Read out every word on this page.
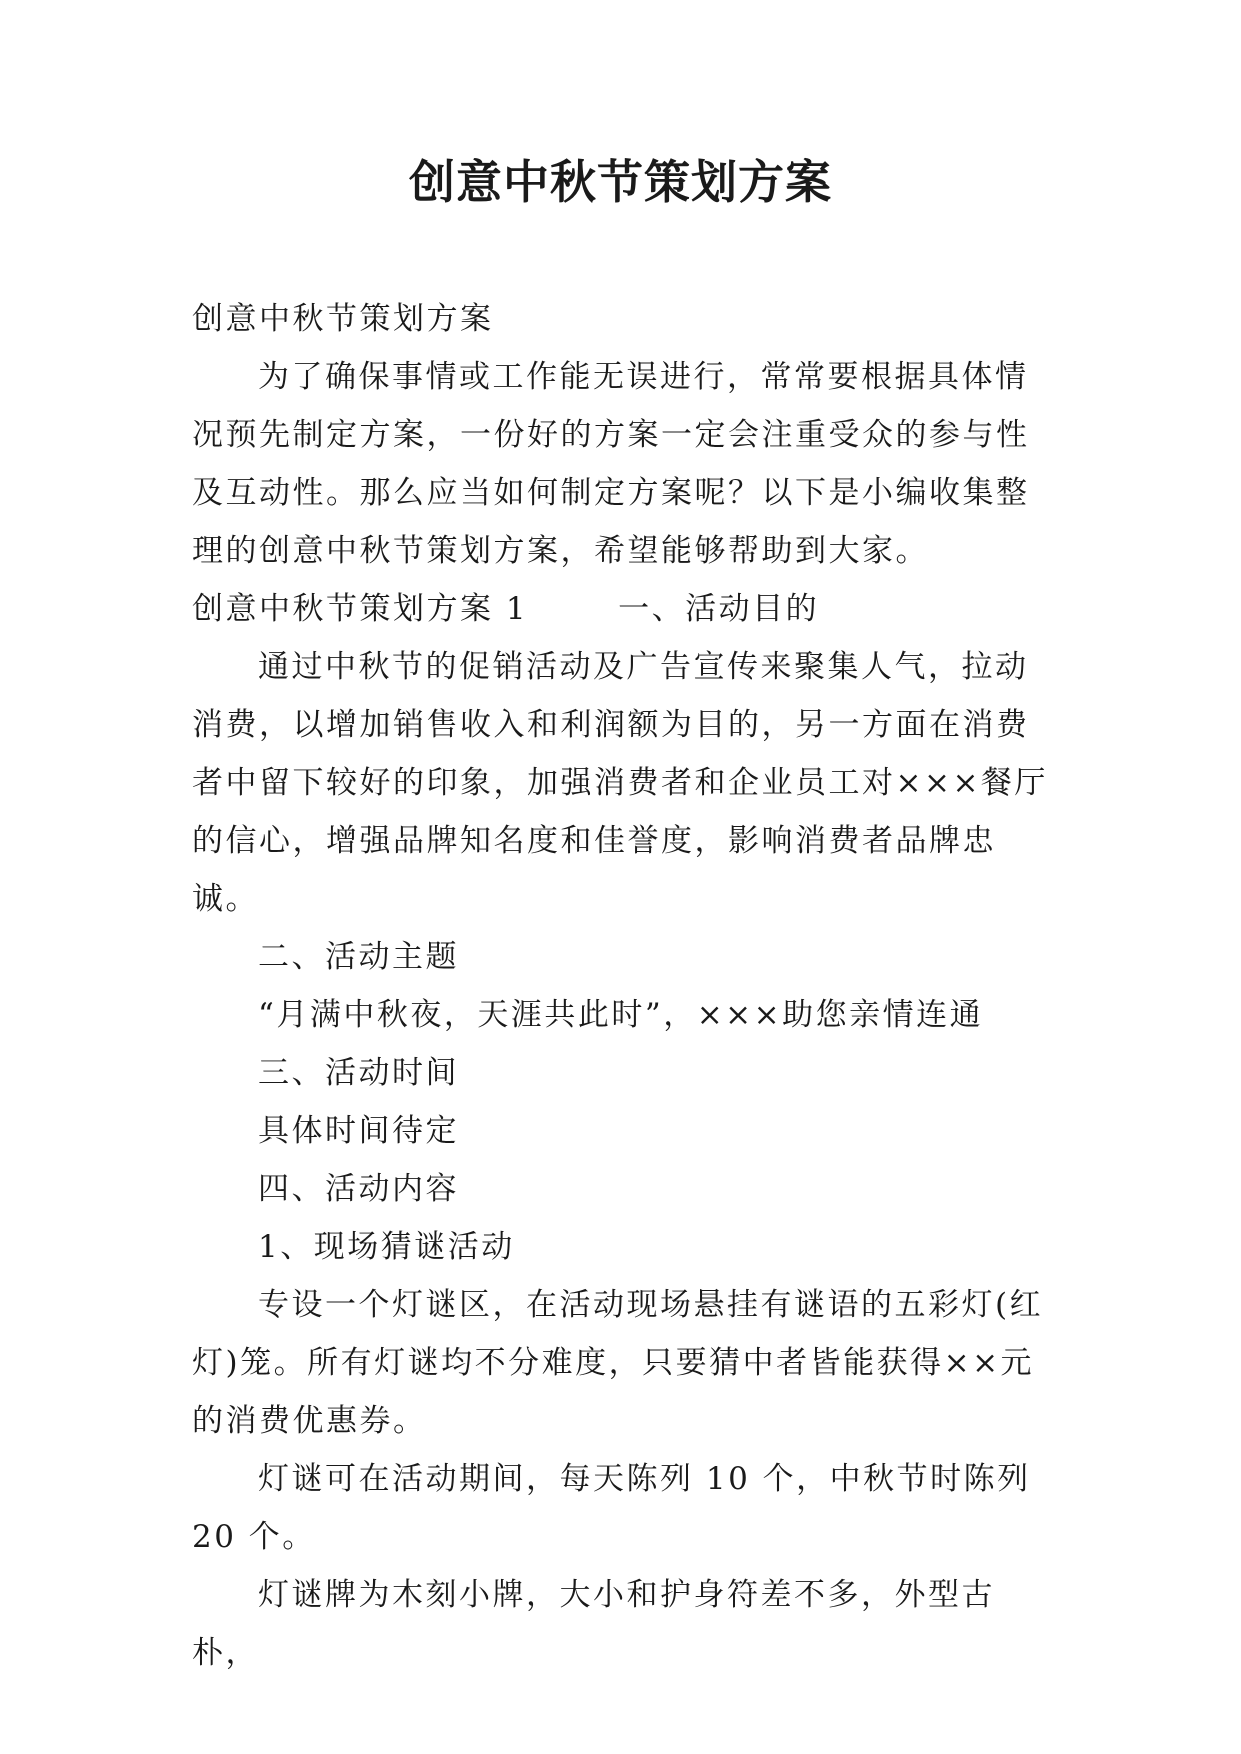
创意中秋节策划方案

创意中秋节策划方案

为了确保事情或工作能无误进行，常常要根据具体情况预先制定方案，一份好的方案一定会注重受众的参与性及互动性。那么应当如何制定方案呢？以下是小编收集整理的创意中秋节策划方案，希望能够帮助到大家。

创意中秋节策划方案 1	一、活动目的

通过中秋节的促销活动及广告宣传来聚集人气，拉动消费，以增加销售收入和利润额为目的，另一方面在消费者中留下较好的印象，加强消费者和企业员工对×××餐厅的信心，增强品牌知名度和佳誉度，影响消费者品牌忠诚。

二、活动主题

“月满中秋夜，天涯共此时”，×××助您亲情连通

三、活动时间

具体时间待定

四、活动内容

1、现场猜谜活动

专设一个灯谜区，在活动现场悬挂有谜语的五彩灯(红灯)笼。所有灯谜均不分难度，只要猜中者皆能获得××元的消费优惠券。

灯谜可在活动期间，每天陈列 10 个，中秋节时陈列 20 个。

灯谜牌为木刻小牌，大小和护身符差不多，外型古朴，
